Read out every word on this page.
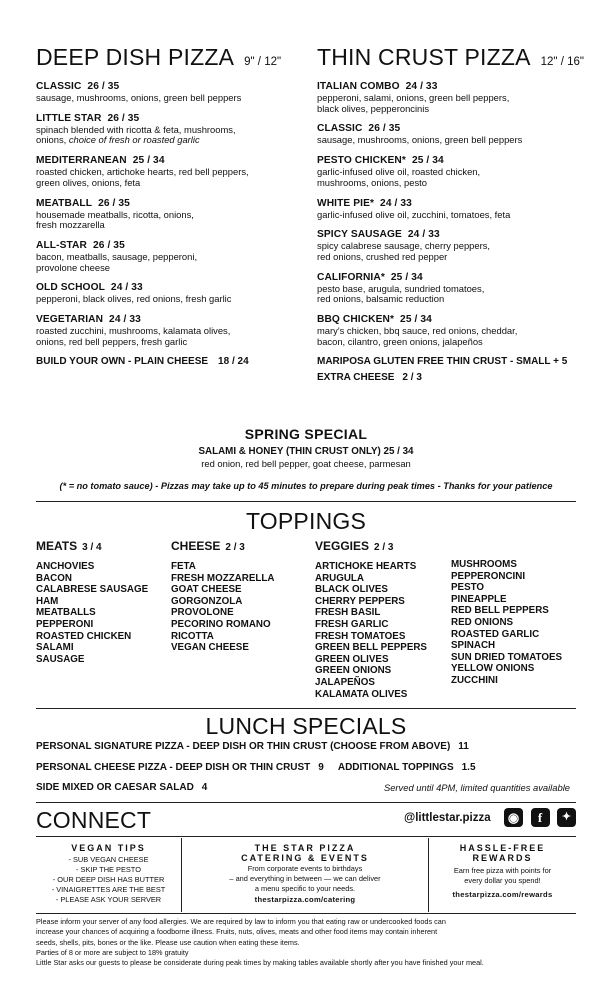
DEEP DISH PIZZA 9" / 12"
CLASSIC 26 / 35
sausage, mushrooms, onions, green bell peppers
LITTLE STAR 26 / 35
spinach blended with ricotta & feta, mushrooms,
onions, choice of fresh or roasted garlic
MEDITERRANEAN 25 / 34
roasted chicken, artichoke hearts, red bell peppers,
green olives, onions, feta
MEATBALL 26 / 35
housemade meatballs, ricotta, onions,
fresh mozzarella
ALL-STAR 26 / 35
bacon, meatballs, sausage, pepperoni,
provolone cheese
OLD SCHOOL 24 / 33
pepperoni, black olives, red onions, fresh garlic
VEGETARIAN 24 / 33
roasted zucchini, mushrooms, kalamata olives,
onions, red bell peppers, fresh garlic
BUILD YOUR OWN - PLAIN CHEESE 18 / 24
THIN CRUST PIZZA 12" / 16"
ITALIAN COMBO 24 / 33
pepperoni, salami, onions, green bell peppers,
black olives, pepperoncinis
CLASSIC 26 / 35
sausage, mushrooms, onions, green bell peppers
PESTO CHICKEN* 25 / 34
garlic-infused olive oil, roasted chicken,
mushrooms, onions, pesto
WHITE PIE* 24 / 33
garlic-infused olive oil, zucchini, tomatoes, feta
SPICY SAUSAGE 24 / 33
spicy calabrese sausage, cherry peppers,
red onions, crushed red pepper
CALIFORNIA* 25 / 34
pesto base, arugula, sundried tomatoes,
red onions, balsamic reduction
BBQ CHICKEN* 25 / 34
mary's chicken, bbq sauce, red onions, cheddar,
bacon, cilantro, green onions, jalapeños
MARIPOSA GLUTEN FREE THIN CRUST - SMALL + 5
EXTRA CHEESE 2 / 3
SPRING SPECIAL
SALAMI & HONEY (THIN CRUST ONLY) 25 / 34
red onion, red bell pepper, goat cheese, parmesan
(* = no tomato sauce) - Pizzas may take up to 45 minutes to prepare during peak times - Thanks for your patience
TOPPINGS
MEATS 3 / 4
ANCHOVIES
BACON
CALABRESE SAUSAGE
HAM
MEATBALLS
PEPPERONI
ROASTED CHICKEN
SALAMI
SAUSAGE
CHEESE 2 / 3
FETA
FRESH MOZZARELLA
GOAT CHEESE
GORGONZOLA
PROVOLONE
PECORINO ROMANO
RICOTTA
VEGAN CHEESE
VEGGIES 2 / 3
ARTICHOKE HEARTS
ARUGULA
BLACK OLIVES
CHERRY PEPPERS
FRESH BASIL
FRESH GARLIC
FRESH TOMATOES
GREEN BELL PEPPERS
GREEN OLIVES
GREEN ONIONS
JALAPEÑOS
KALAMATA OLIVES
MUSHROOMS
PEPPERONCINI
PESTO
PINEAPPLE
RED BELL PEPPERS
RED ONIONS
ROASTED GARLIC
SPINACH
SUN DRIED TOMATOES
YELLOW ONIONS
ZUCCHINI
LUNCH SPECIALS
PERSONAL SIGNATURE PIZZA - DEEP DISH OR THIN CRUST (CHOOSE FROM ABOVE) 11
PERSONAL CHEESE PIZZA - DEEP DISH OR THIN CRUST 9 ADDITIONAL TOPPINGS 1.5
SIDE MIXED OR CAESAR SALAD 4	Served until 4PM, limited quantities available
CONNECT	@littlestar.pizza ◉ f ✦
VEGAN TIPS
- SUB VEGAN CHEESE
- SKIP THE PESTO
- OUR DEEP DISH HAS BUTTER
- VINAIGRETTES ARE THE BEST
- PLEASE ASK YOUR SERVER
THE STAR PIZZA
CATERING & EVENTS
From corporate events to birthdays
– and everything in between — we can deliver
a menu specific to your needs.
thestarpizza.com/catering
HASSLE-FREE
REWARDS
Earn free pizza with points for
every dollar you spend!
thestarpizza.com/rewards
Please inform your server of any food allergies. We are required by law to inform you that eating raw or undercooked foods can
increase your chances of acquiring a foodborne illness. Fruits, nuts, olives, meats and other food items may contain inherent
seeds, shells, pits, bones or the like. Please use caution when eating these items.
Parties of 8 or more are subject to 18% gratuity
Little Star asks our guests to please be considerate during peak times by making tables available shortly after you have finished your meal.
